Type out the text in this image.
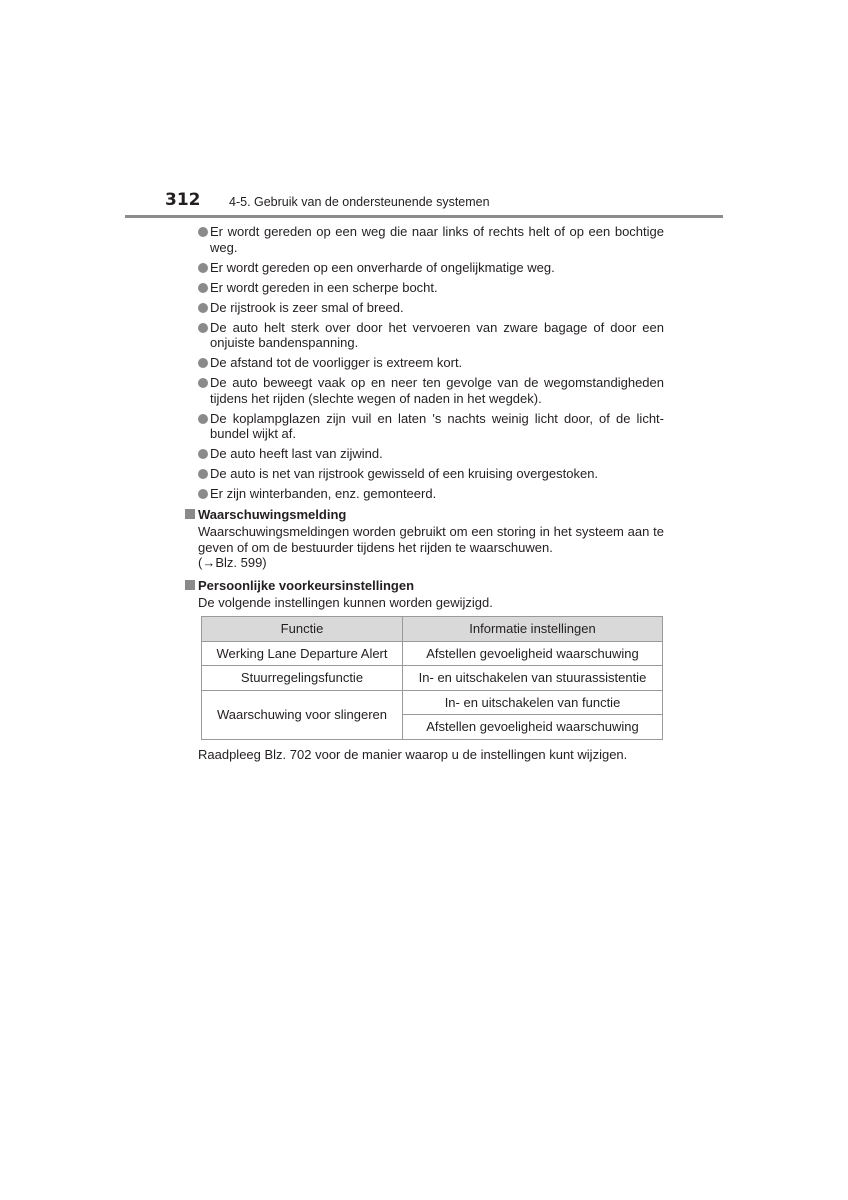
312 4-5. Gebruik van de ondersteunende systemen
Er wordt gereden op een weg die naar links of rechts helt of op een bochtige weg.
Er wordt gereden op een onverharde of ongelijkmatige weg.
Er wordt gereden in een scherpe bocht.
De rijstrook is zeer smal of breed.
De auto helt sterk over door het vervoeren van zware bagage of door een onjuiste bandenspanning.
De afstand tot de voorligger is extreem kort.
De auto beweegt vaak op en neer ten gevolge van de wegomstandigheden tijdens het rijden (slechte wegen of naden in het wegdek).
De koplampglazen zijn vuil en laten 's nachts weinig licht door, of de licht-bundel wijkt af.
De auto heeft last van zijwind.
De auto is net van rijstrook gewisseld of een kruising overgestoken.
Er zijn winterbanden, enz. gemonteerd.
Waarschuwingsmelding
Waarschuwingsmeldingen worden gebruikt om een storing in het systeem aan te geven of om de bestuurder tijdens het rijden te waarschuwen.
(→Blz. 599)
Persoonlijke voorkeursinstellingen
De volgende instellingen kunnen worden gewijzigd.
Functie	Informatie instellingen
Werking Lane Departure Alert	Afstellen gevoeligheid waarschuwing
Stuurregelingsfunctie	In- en uitschakelen van stuurassistentie
Waarschuwing voor slingeren	In- en uitschakelen van functie
	Afstellen gevoeligheid waarschuwing
Raadpleeg Blz. 702 voor de manier waarop u de instellingen kunt wijzigen.
